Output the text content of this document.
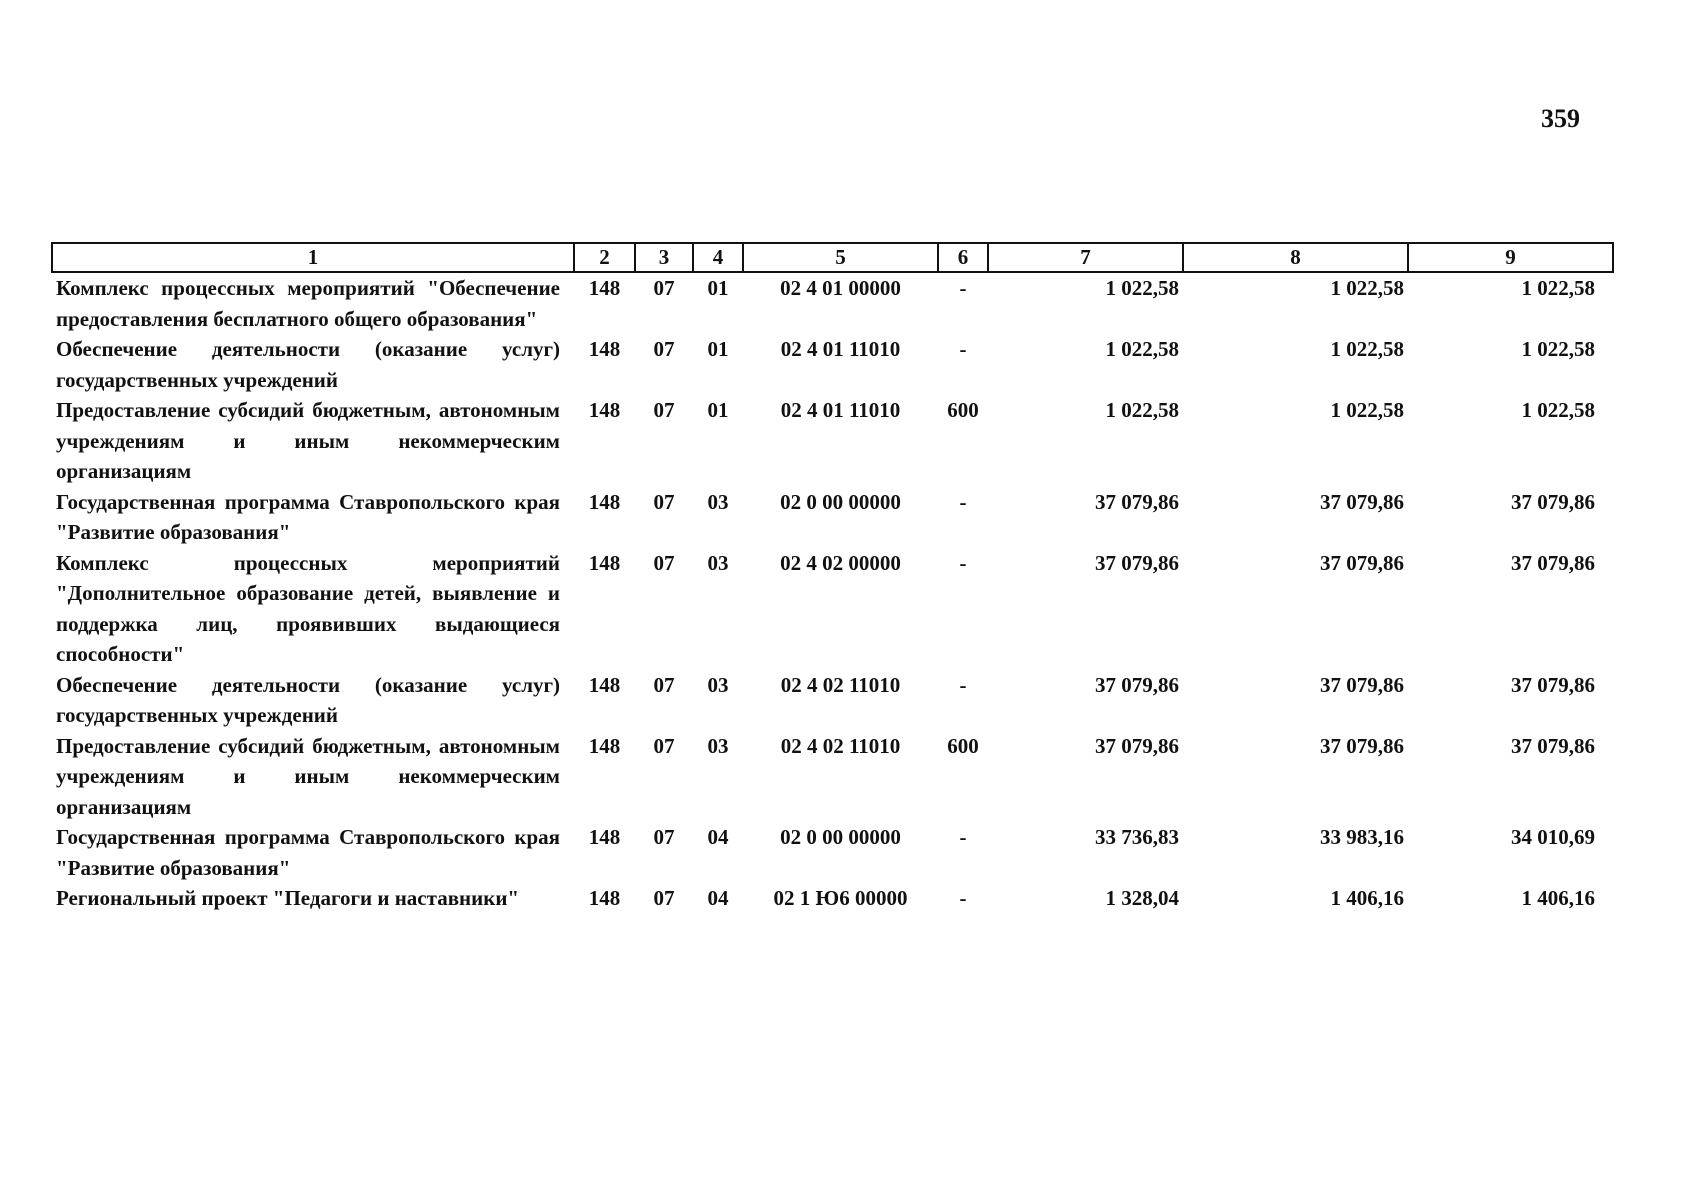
359
1	2	3	4	5	6	7	8	9
Комплекс процессных мероприятий "Обеспечение предоставления бесплатного общего образования"	148	07	01	02 4 01 00000	-	1 022,58	1 022,58	1 022,58
Обеспечение деятельности (оказание услуг) государственных учреждений	148	07	01	02 4 01 11010	-	1 022,58	1 022,58	1 022,58
Предоставление субсидий бюджетным, автономным учреждениям и иным некоммерческим организациям	148	07	01	02 4 01 11010	600	1 022,58	1 022,58	1 022,58
Государственная программа Ставропольского края "Развитие образования"	148	07	03	02 0 00 00000	-	37 079,86	37 079,86	37 079,86
Комплекс процессных мероприятий "Дополнительное образование детей, выявление и поддержка лиц, проявивших выдающиеся способности"	148	07	03	02 4 02 00000	-	37 079,86	37 079,86	37 079,86
Обеспечение деятельности (оказание услуг) государственных учреждений	148	07	03	02 4 02 11010	-	37 079,86	37 079,86	37 079,86
Предоставление субсидий бюджетным, автономным учреждениям и иным некоммерческим организациям	148	07	03	02 4 02 11010	600	37 079,86	37 079,86	37 079,86
Государственная программа Ставропольского края "Развитие образования"	148	07	04	02 0 00 00000	-	33 736,83	33 983,16	34 010,69
Региональный проект "Педагоги и наставники"	148	07	04	02 1 Ю6 00000	-	1 328,04	1 406,16	1 406,16
